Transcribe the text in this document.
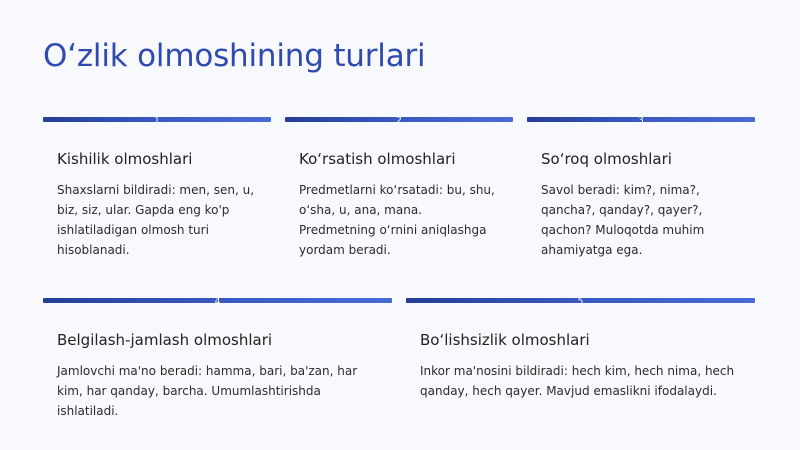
O‘zlik olmoshining turlari
1
Kishilik olmoshlari

Shaxslarni bildiradi: men, sen, u, biz, siz, ular. Gapda eng ko'p ishlatiladigan olmosh turi hisoblanadi.

2
Ko‘rsatish olmoshlari

Predmetlarni ko‘rsatadi: bu, shu, o‘sha, u, ana, mana. Predmetning o‘rnini aniqlashga yordam beradi.

3
So‘roq olmoshlari

Savol beradi: kim?, nima?, qancha?, qanday?, qayer?, qachon? Muloqotda muhim ahamiyatga ega.

4
Belgilash-jamlash olmoshlari

Jamlovchi ma'no beradi: hamma, bari, ba'zan, har kim, har qanday, barcha. Umumlashtirishda ishlatiladi.

5
Bo‘lishsizlik olmoshlari

Inkor ma'nosini bildiradi: hech kim, hech nima, hech qanday, hech qayer. Mavjud emaslikni ifodalaydi.
